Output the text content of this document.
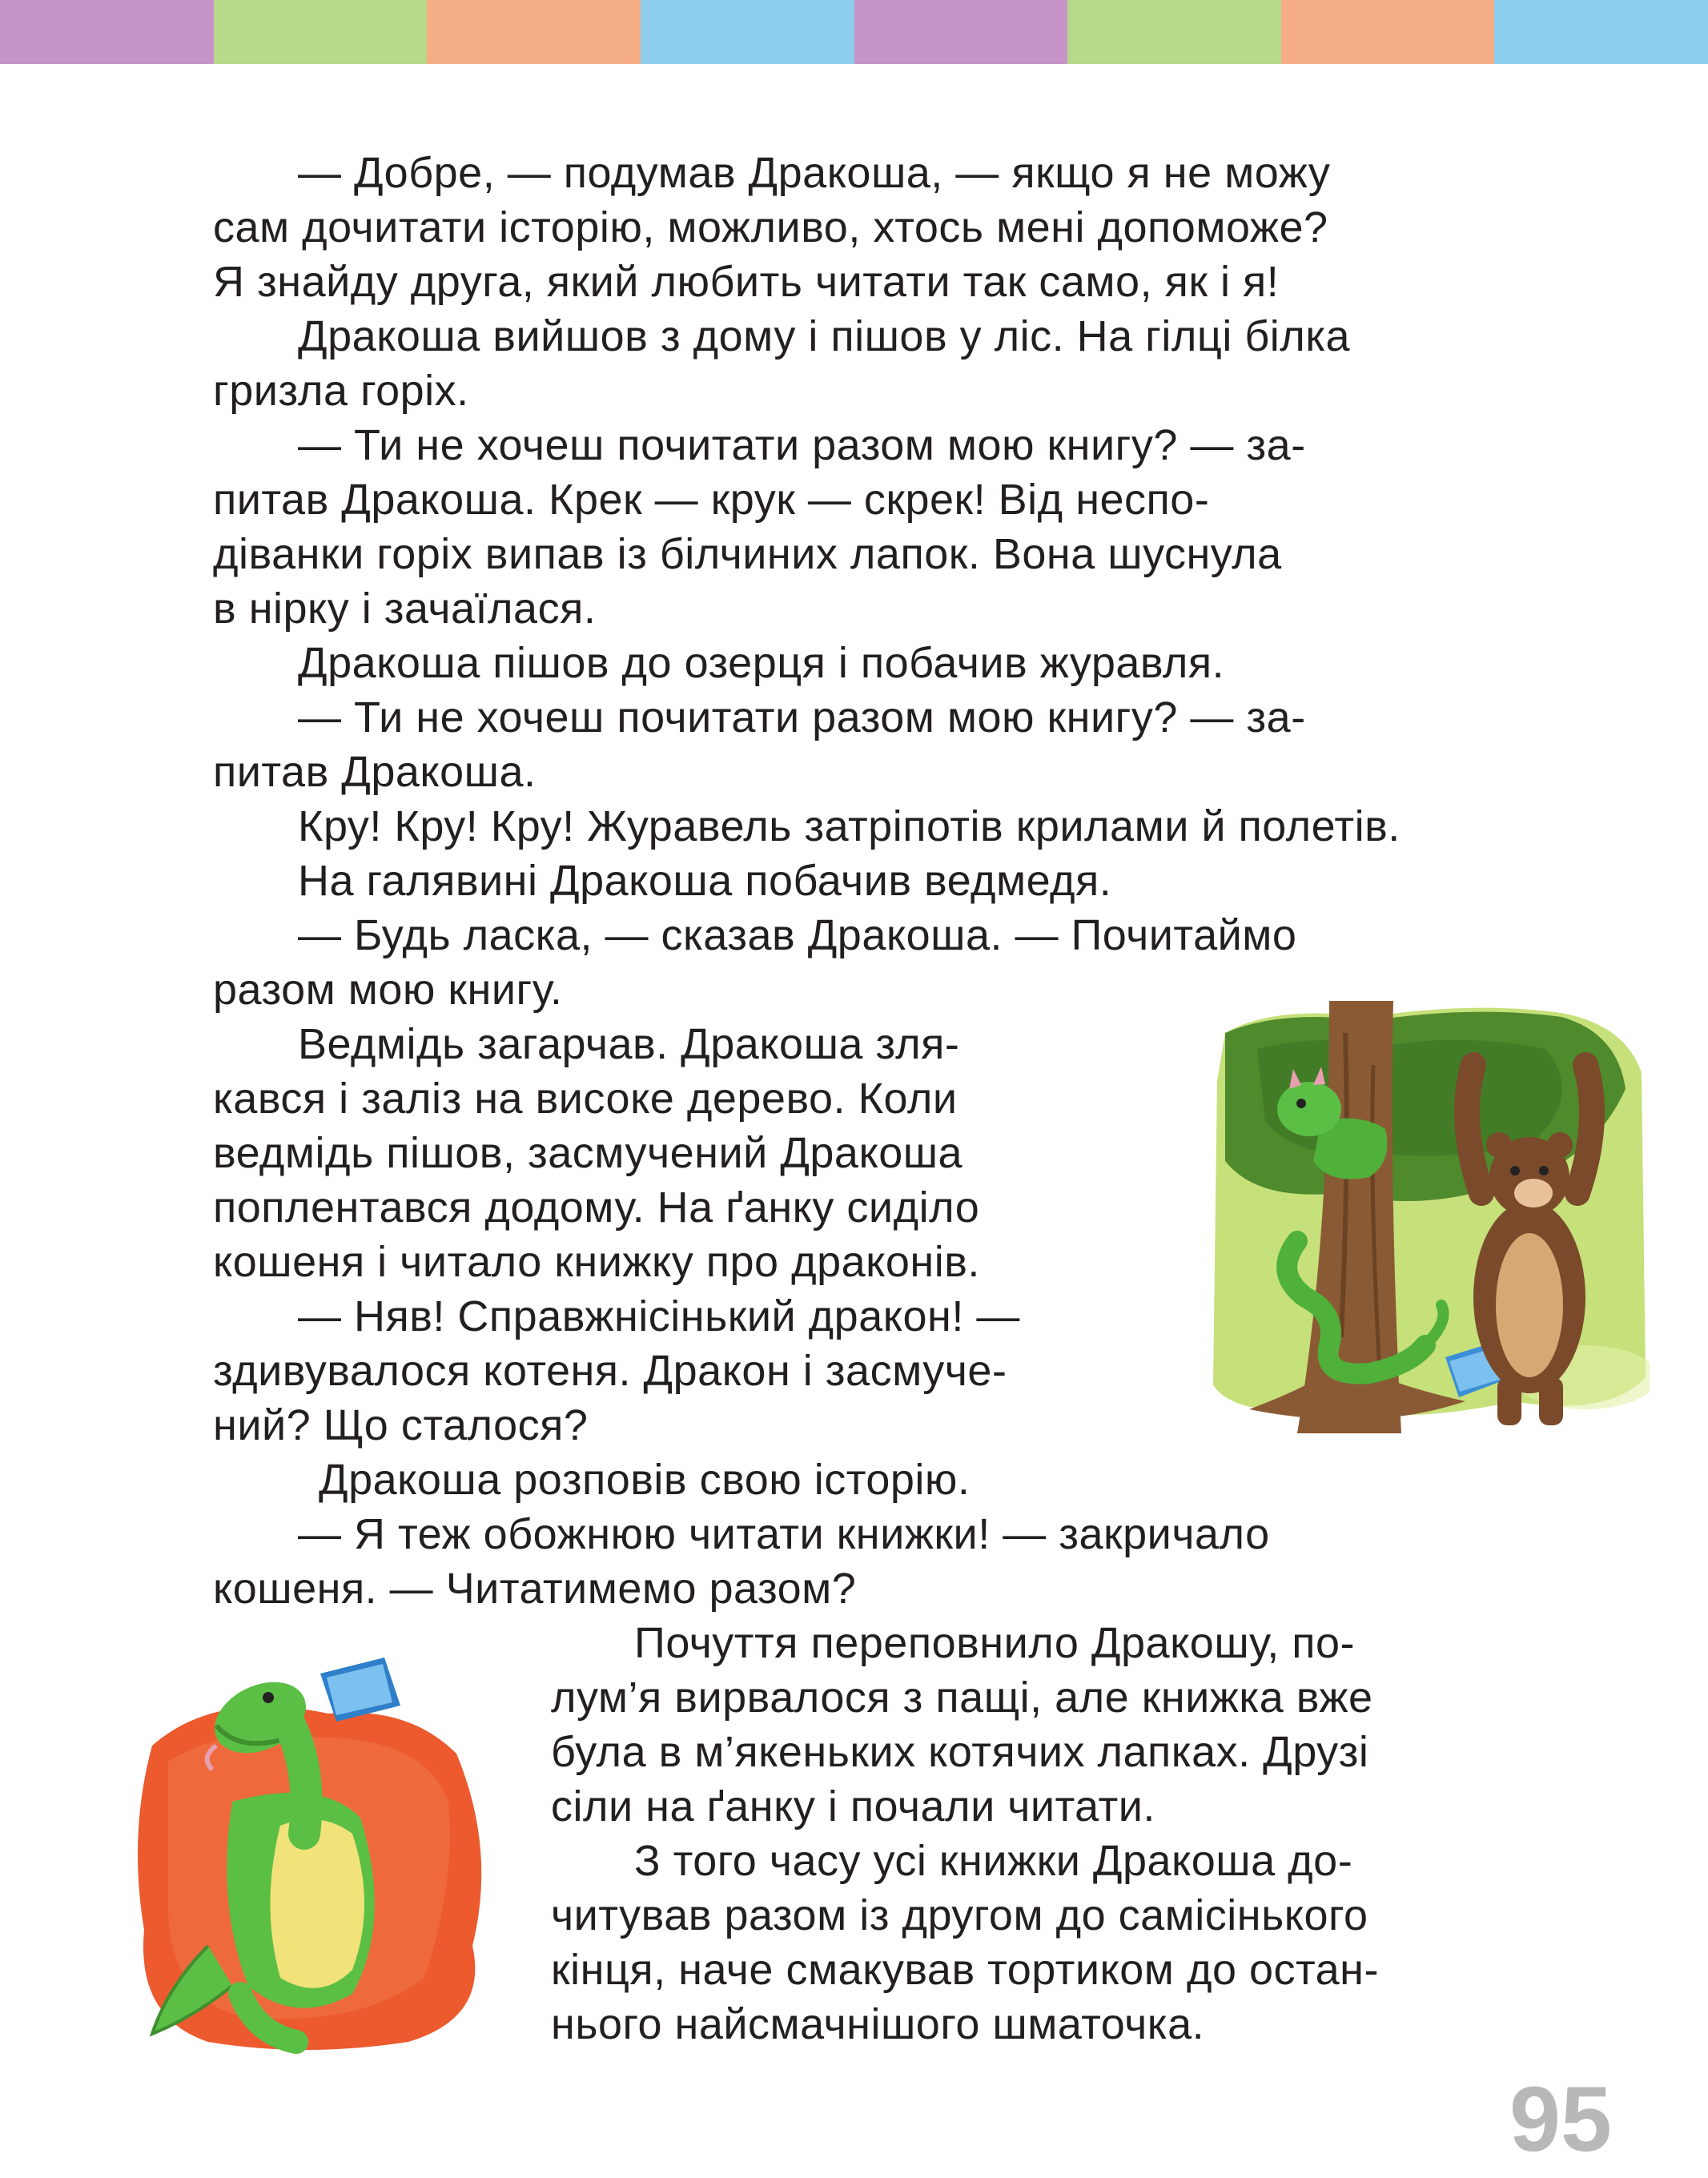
— Добре, — подумав Дракоша, — якщо я не можу
сам дочитати історію, можливо, хтось мені допоможе?
Я знайду друга, який любить читати так само, як і я!
Дракоша вийшов з дому і пішов у ліс. На гілці білка
гризла горіх.
— Ти не хочеш почитати разом мою книгу? — за-
питав Дракоша. Крек — крук — скрек! Від неспо-
діванки горіх випав із білчиних лапок. Вона шуснула
в нірку і зачаїлася.
Дракоша пішов до озерця і побачив журавля.
— Ти не хочеш почитати разом мою книгу? — за-
питав Дракоша.
Кру! Кру! Кру! Журавель затріпотів крилами й полетів.
На галявині Дракоша побачив ведмедя.
— Будь ласка, — сказав Дракоша. — Почитаймо
разом мою книгу.
Ведмідь загарчав. Дракоша зля-
кався і заліз на високе дерево. Коли
ведмідь пішов, засмучений Дракоша
поплентався додому. На ґанку сиділо
кошеня і читало книжку про драконів.
— Няв! Справжнісінький дракон! —
здивувалося котеня. Дракон і засмуче-
ний? Що сталося?
Дракоша розповів свою історію.
— Я теж обожнюю читати книжки! — закричало
кошеня. — Читатимемо разом?
Почуття переповнило Дракошу, по-
лум’я вирвалося з пащі, але книжка вже
була в м’якеньких котячих лапках. Друзі
сіли на ґанку і почали читати.
З того часу усі книжки Дракоша до-
читував разом із другом до самісінького
кінця, наче смакував тортиком до остан-
нього найсмачнішого шматочка.
95
